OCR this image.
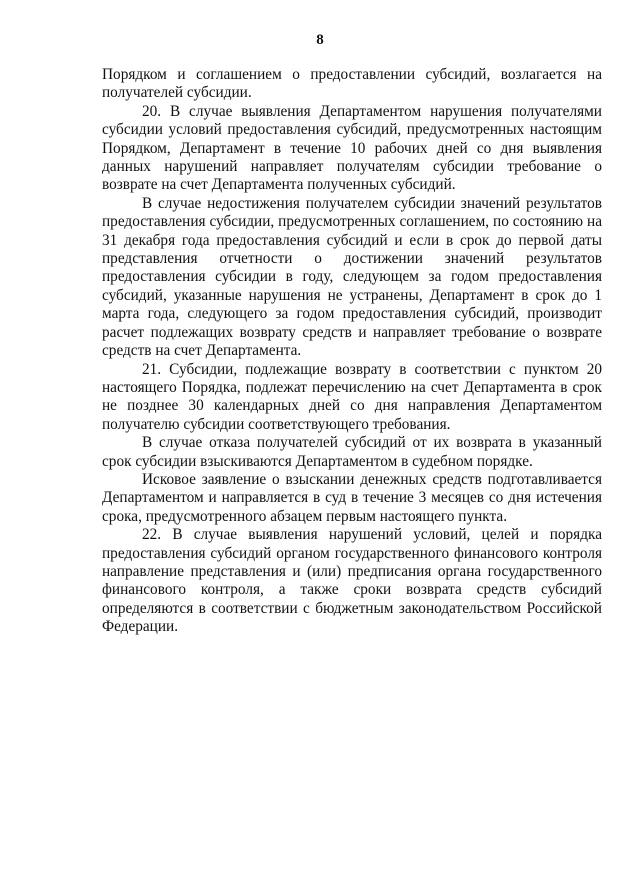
8

Порядком и соглашением о предоставлении субсидий, возлагается на получателей субсидии.

20. В случае выявления Департаментом нарушения получателями субсидии условий предоставления субсидий, предусмотренных настоящим Порядком, Департамент в течение 10 рабочих дней со дня выявления данных нарушений направляет получателям субсидии требование о возврате на счет Департамента полученных субсидий.

В случае недостижения получателем субсидии значений результатов предоставления субсидии, предусмотренных соглашением, по состоянию на 31 декабря года предоставления субсидий и если в срок до первой даты представления отчетности о достижении значений результатов предоставления субсидии в году, следующем за годом предоставления субсидий, указанные нарушения не устранены, Департамент в срок до 1 марта года, следующего за годом предоставления субсидий, производит расчет подлежащих возврату средств и направляет требование о возврате средств на счет Департамента.

21. Субсидии, подлежащие возврату в соответствии с пунктом 20 настоящего Порядка, подлежат перечислению на счет Департамента в срок не позднее 30 календарных дней со дня направления Департаментом получателю субсидии соответствующего требования.

В случае отказа получателей субсидий от их возврата в указанный срок субсидии взыскиваются Департаментом в судебном порядке.

Исковое заявление о взыскании денежных средств подготавливается Департаментом и направляется в суд в течение 3 месяцев со дня истечения срока, предусмотренного абзацем первым настоящего пункта.

22. В случае выявления нарушений условий, целей и порядка предоставления субсидий органом государственного финансового контроля направление представления и (или) предписания органа государственного финансового контроля, а также сроки возврата средств субсидий определяются в соответствии с бюджетным законодательством Российской Федерации.
